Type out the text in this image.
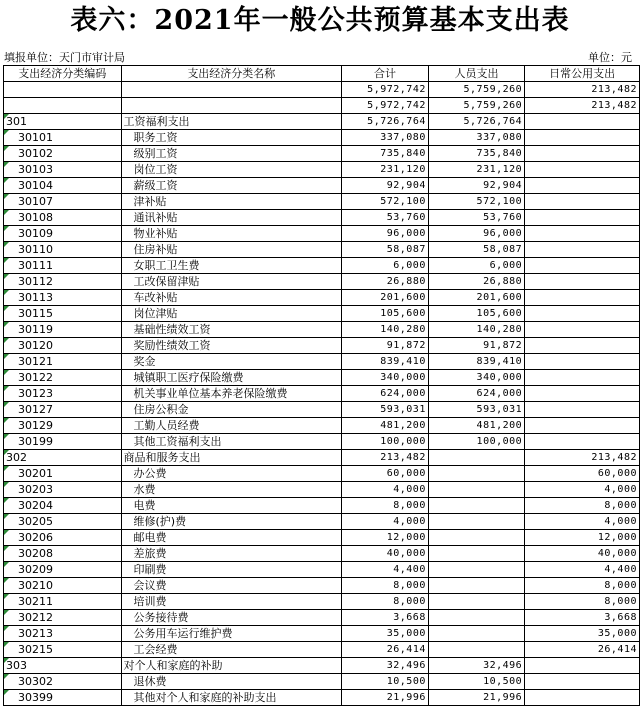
表六：2021年一般公共预算基本支出表
填报单位：天门市审计局	单位：元
支出经济分类编码	支出经济分类名称	合计	人员支出	日常公用支出
		5,972,742	5,759,260	213,482
		5,972,742	5,759,260	213,482

301	工资福利支出	5,726,764	5,726,764	

30101	职务工资	337,080	337,080	

30102	级别工资	735,840	735,840	

30103	岗位工资	231,120	231,120	

30104	薪级工资	92,904	92,904	

30107	津补贴	572,100	572,100	

30108	通讯补贴	53,760	53,760	

30109	物业补贴	96,000	96,000	

30110	住房补贴	58,087	58,087	

30111	女职工卫生费	6,000	6,000	

30112	工改保留津贴	26,880	26,880	

30113	车改补贴	201,600	201,600	

30115	岗位津贴	105,600	105,600	

30119	基础性绩效工资	140,280	140,280	

30120	奖励性绩效工资	91,872	91,872	

30121	奖金	839,410	839,410	

30122	城镇职工医疗保险缴费	340,000	340,000	

30123	机关事业单位基本养老保险缴费	624,000	624,000	

30127	住房公积金	593,031	593,031	

30129	工勤人员经费	481,200	481,200	

30199	其他工资福利支出	100,000	100,000	

302	商品和服务支出	213,482		213,482

30201	办公费	60,000		60,000

30203	水费	4,000		4,000

30204	电费	8,000		8,000

30205	维修(护)费	4,000		4,000

30206	邮电费	12,000		12,000

30208	差旅费	40,000		40,000

30209	印刷费	4,400		4,400

30210	会议费	8,000		8,000

30211	培训费	8,000		8,000

30212	公务接待费	3,668		3,668

30213	公务用车运行维护费	35,000		35,000

30215	工会经费	26,414		26,414

303	对个人和家庭的补助	32,496	32,496	

30302	退休费	10,500	10,500	

30399	其他对个人和家庭的补助支出	21,996	21,996	
